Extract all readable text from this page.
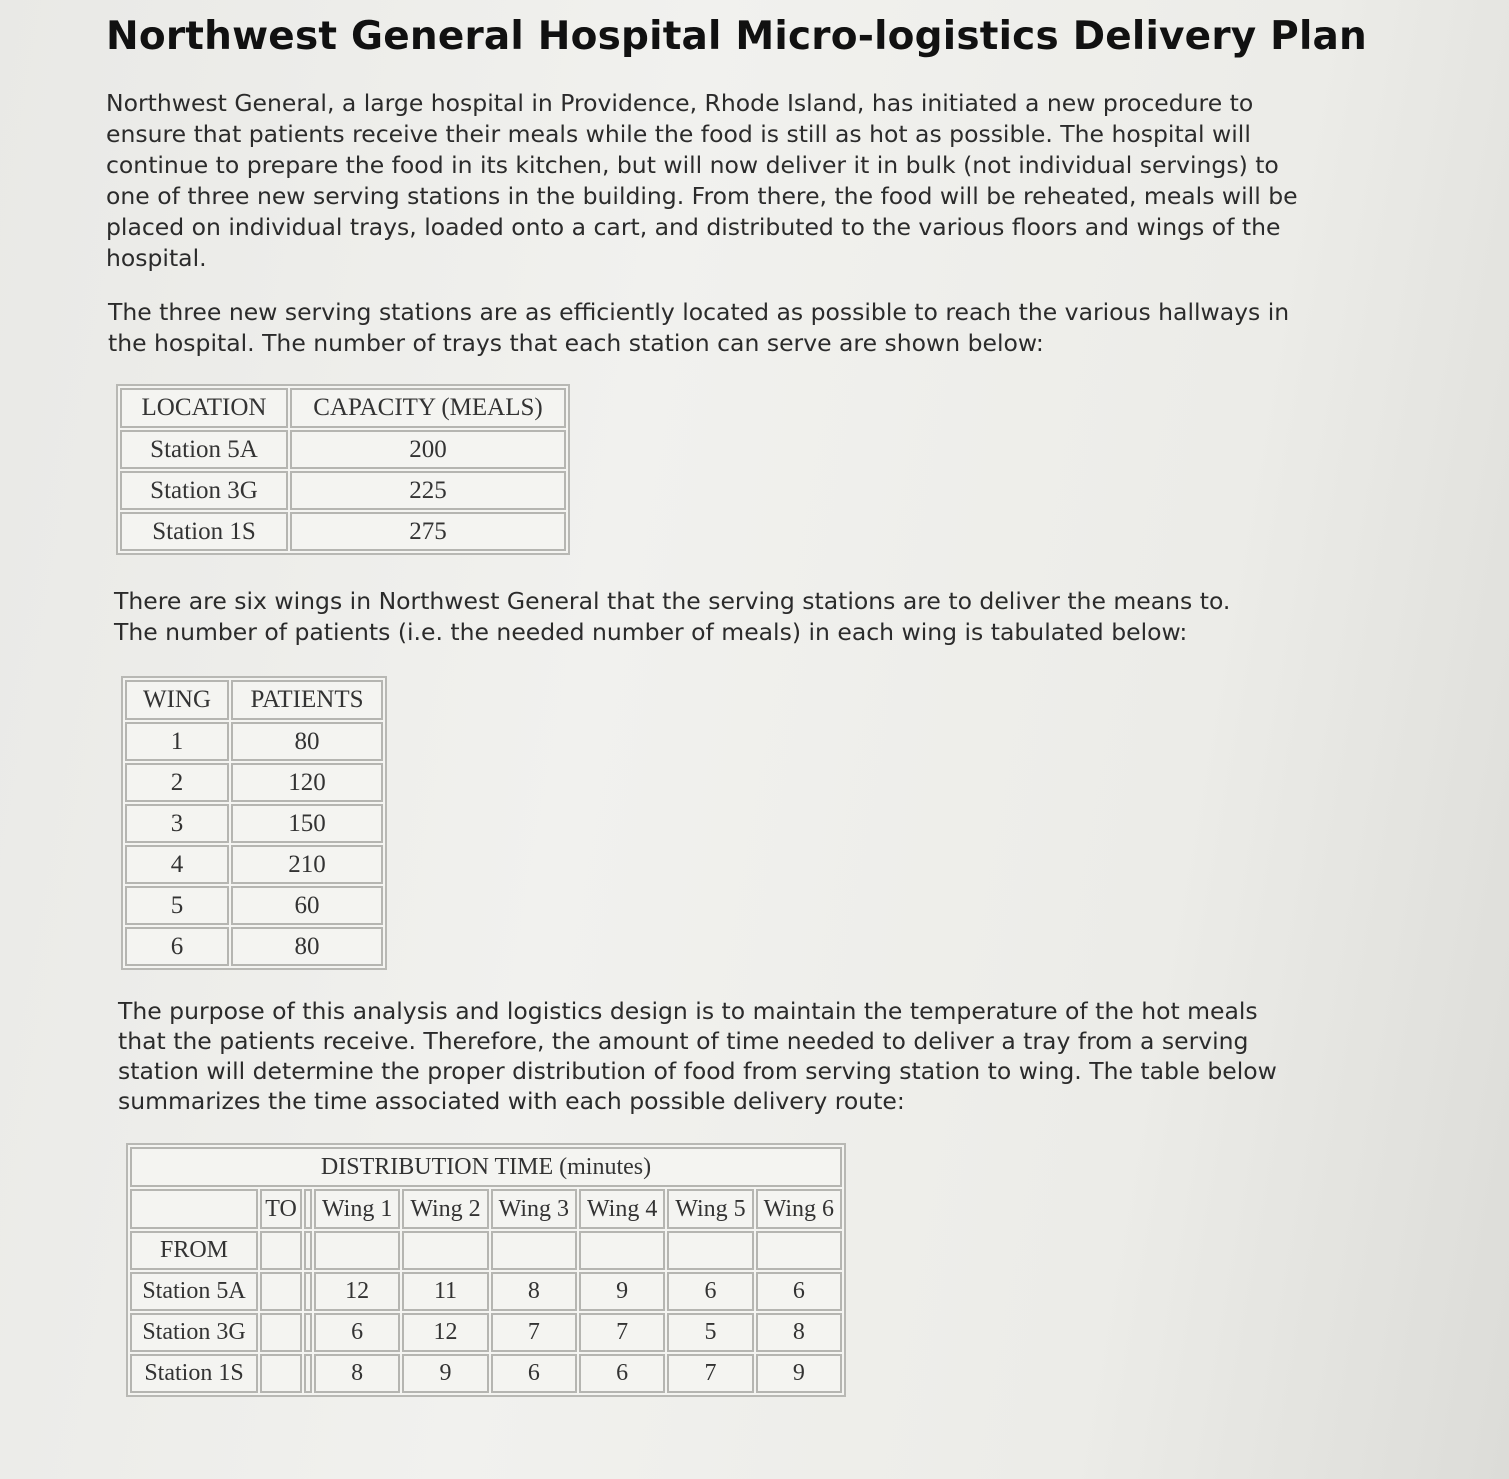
Northwest General Hospital Micro-logistics Delivery Plan

Northwest General, a large hospital in Providence, Rhode Island, has initiated a new procedure to ensure that patients receive their meals while the food is still as hot as possible. The hospital will continue to prepare the food in its kitchen, but will now deliver it in bulk (not individual servings) to one of three new serving stations in the building. From there, the food will be reheated, meals will be placed on individual trays, loaded onto a cart, and distributed to the various floors and wings of the hospital.

The three new serving stations are as efficiently located as possible to reach the various hallways in the hospital. The number of trays that each station can serve are shown below:

LOCATION	CAPACITY (MEALS)
Station 5A	200
Station 3G	225
Station 1S	275

There are six wings in Northwest General that the serving stations are to deliver the means to. The number of patients (i.e. the needed number of meals) in each wing is tabulated below:

WING	PATIENTS
1	80
2	120
3	150
4	210
5	60
6	80

The purpose of this analysis and logistics design is to maintain the temperature of the hot meals that the patients receive. Therefore, the amount of time needed to deliver a tray from a serving station will determine the proper distribution of food from serving station to wing. The table below summarizes the time associated with each possible delivery route:

DISTRIBUTION TIME (minutes)								
	TO		Wing 1	Wing 2	Wing 3	Wing 4	Wing 5	Wing 6
FROM								
Station 5A			12	11	8	9	6	6
Station 3G			6	12	7	7	5	8
Station 1S			8	9	6	6	7	9
